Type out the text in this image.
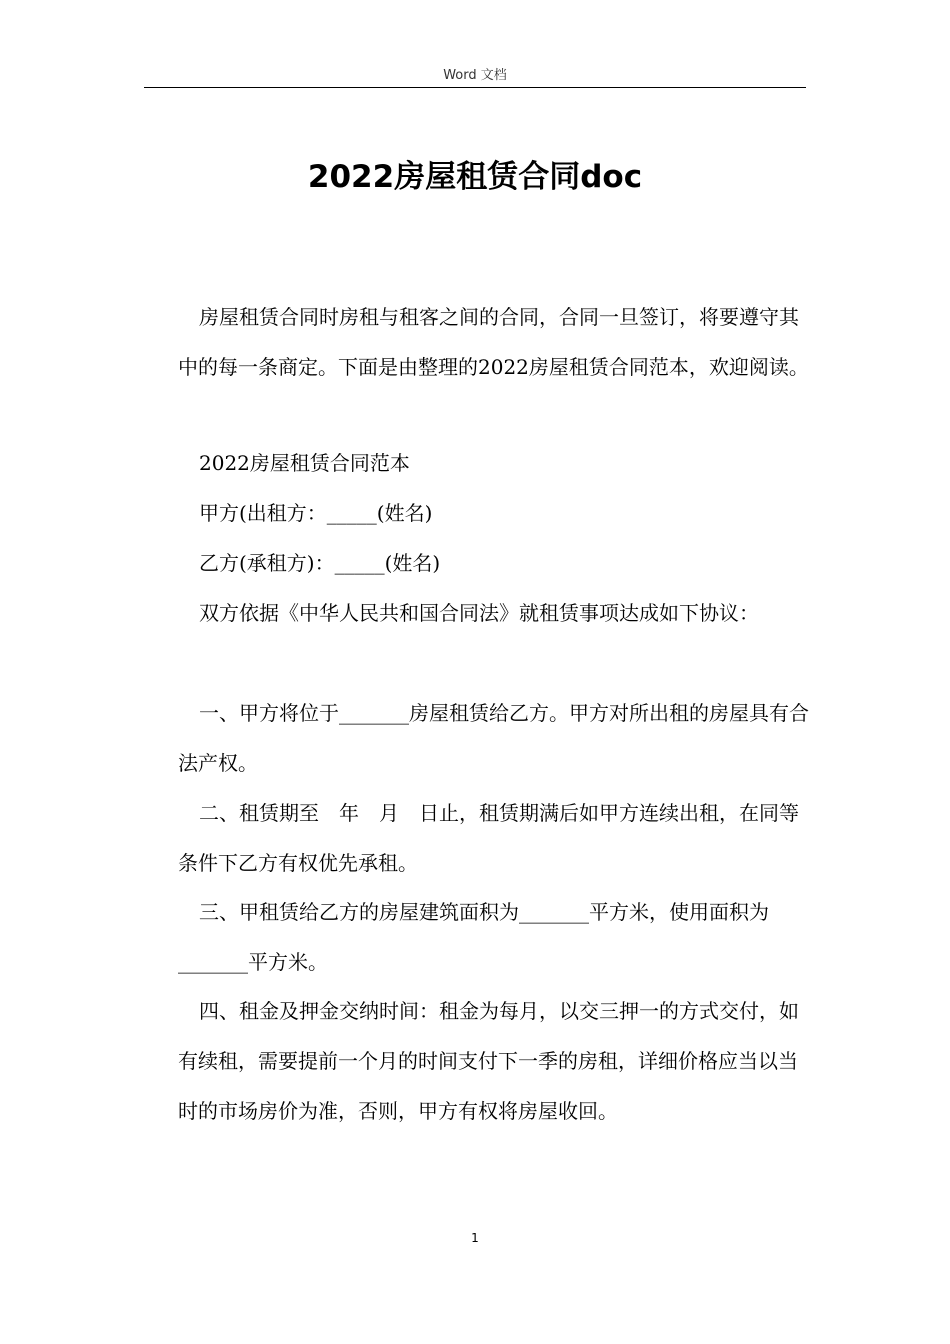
Word 文档
2022房屋租赁合同doc

房屋租赁合同时房租与租客之间的合同，合同一旦签订，将要遵守其中的每一条商定。下面是由整理的2022房屋租赁合同范本，欢迎阅读。

2022房屋租赁合同范本

甲方(出租方：_____(姓名)

乙方(承租方)：_____(姓名)

双方依据《中华人民共和国合同法》就租赁事项达成如下协议：

一、甲方将位于_______房屋租赁给乙方。甲方对所出租的房屋具有合法产权。

二、租赁期至　年　月　日止，租赁期满后如甲方连续出租，在同等条件下乙方有权优先承租。

三、甲租赁给乙方的房屋建筑面积为_______平方米，使用面积为_______平方米。

四、租金及押金交纳时间：租金为每月，以交三押一的方式交付，如有续租，需要提前一个月的时间支付下一季的房租，详细价格应当以当时的市场房价为准，否则，甲方有权将房屋收回。

1
